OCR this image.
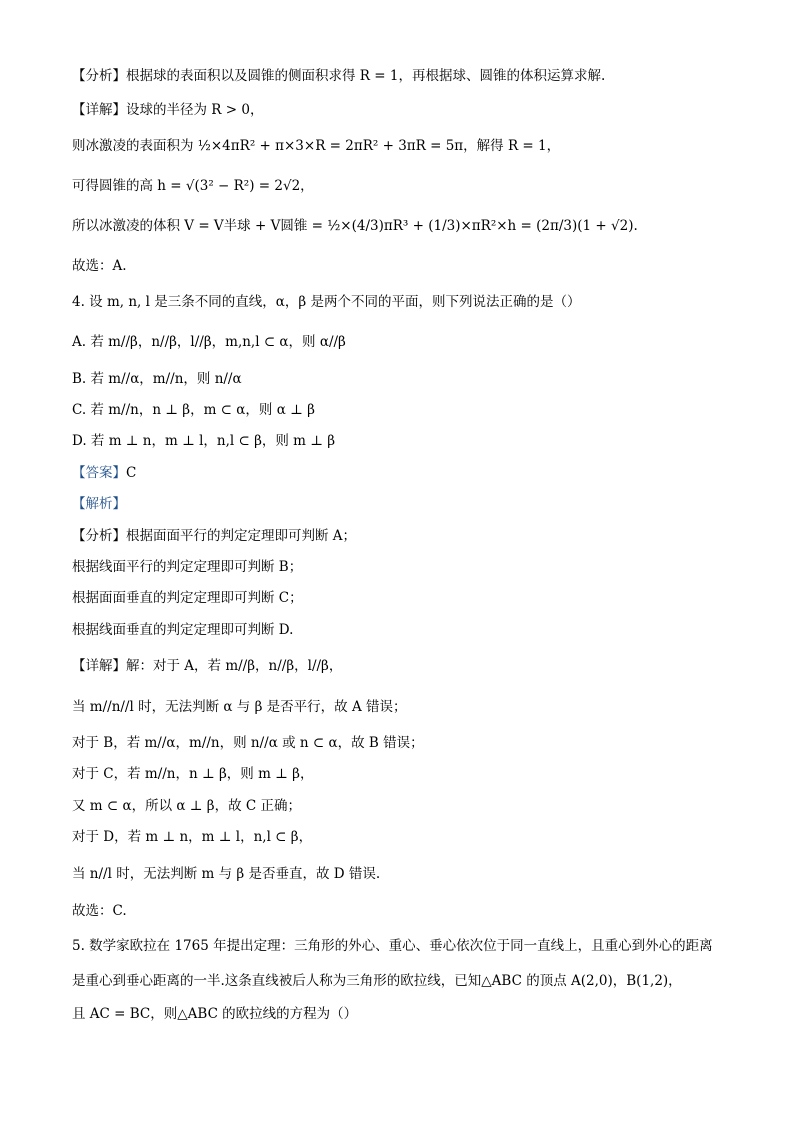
【分析】根据球的表面积以及圆锥的侧面积求得 R = 1，再根据球、圆锥的体积运算求解.
【详解】设球的半径为 R > 0，
则冰激凌的表面积为 ½×4πR² + π×3×R = 2πR² + 3πR = 5π，解得 R = 1，
可得圆锥的高 h = √(3² − R²) = 2√2，
所以冰激凌的体积 V = V半球 + V圆锥 = ½×(4/3)πR³ + (1/3)×πR²×h = (2π/3)(1 + √2).
故选：A.
4. 设 m, n, l 是三条不同的直线，α，β 是两个不同的平面，则下列说法正确的是（）
A. 若 m//β，n//β，l//β，m,n,l ⊂ α，则 α//β
B. 若 m//α，m//n，则 n//α
C. 若 m//n，n ⊥ β，m ⊂ α，则 α ⊥ β
D. 若 m ⊥ n，m ⊥ l，n,l ⊂ β，则 m ⊥ β
【答案】C
【解析】
【分析】根据面面平行的判定定理即可判断 A；
根据线面平行的判定定理即可判断 B；
根据面面垂直的判定定理即可判断 C；
根据线面垂直的判定定理即可判断 D.
【详解】解：对于 A，若 m//β，n//β，l//β，
当 m//n//l 时，无法判断 α 与 β 是否平行，故 A 错误；
对于 B，若 m//α，m//n，则 n//α 或 n ⊂ α，故 B 错误；
对于 C，若 m//n，n ⊥ β，则 m ⊥ β，
又 m ⊂ α，所以 α ⊥ β，故 C 正确；
对于 D，若 m ⊥ n，m ⊥ l，n,l ⊂ β，
当 n//l 时，无法判断 m 与 β 是否垂直，故 D 错误.
故选：C.
5. 数学家欧拉在 1765 年提出定理：三角形的外心、重心、垂心依次位于同一直线上，且重心到外心的距离
是重心到垂心距离的一半.这条直线被后人称为三角形的欧拉线，已知△ABC 的顶点 A(2,0)，B(1,2)，
且 AC = BC，则△ABC 的欧拉线的方程为（）
